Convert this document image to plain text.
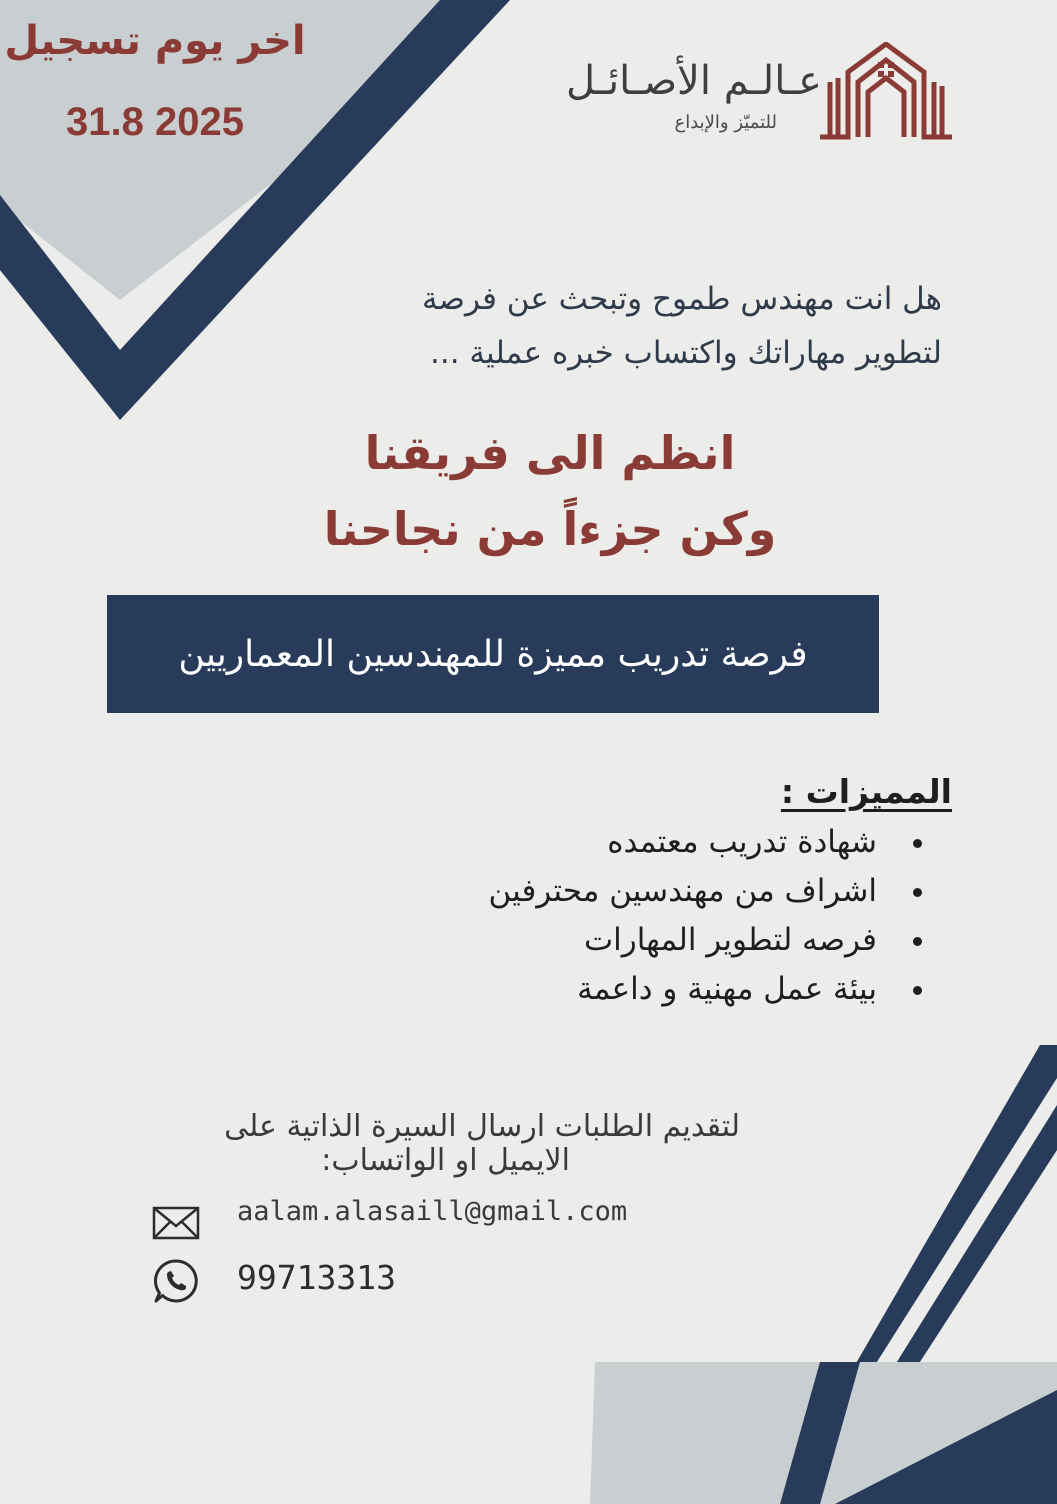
اخر يوم تسجيل
31.8 2025
عـالـم الأصـائـل
للتميّز والإبداع
هل انت مهندس طموح وتبحث عن فرصة
لتطوير مهاراتك واكتساب خبره عملية ...
انظم الى فريقنا
وكن جزءاً من نجاحنا
فرصة تدريب مميزة للمهندسين المعماريين
المميزات :
شهادة تدريب معتمده
اشراف من مهندسين محترفين
فرصه لتطوير المهارات
بيئة عمل مهنية و داعمة
لتقديم الطلبات ارسال السيرة الذاتية على
الايميل او الواتساب:
aalam.alasaill@gmail.com
99713313
